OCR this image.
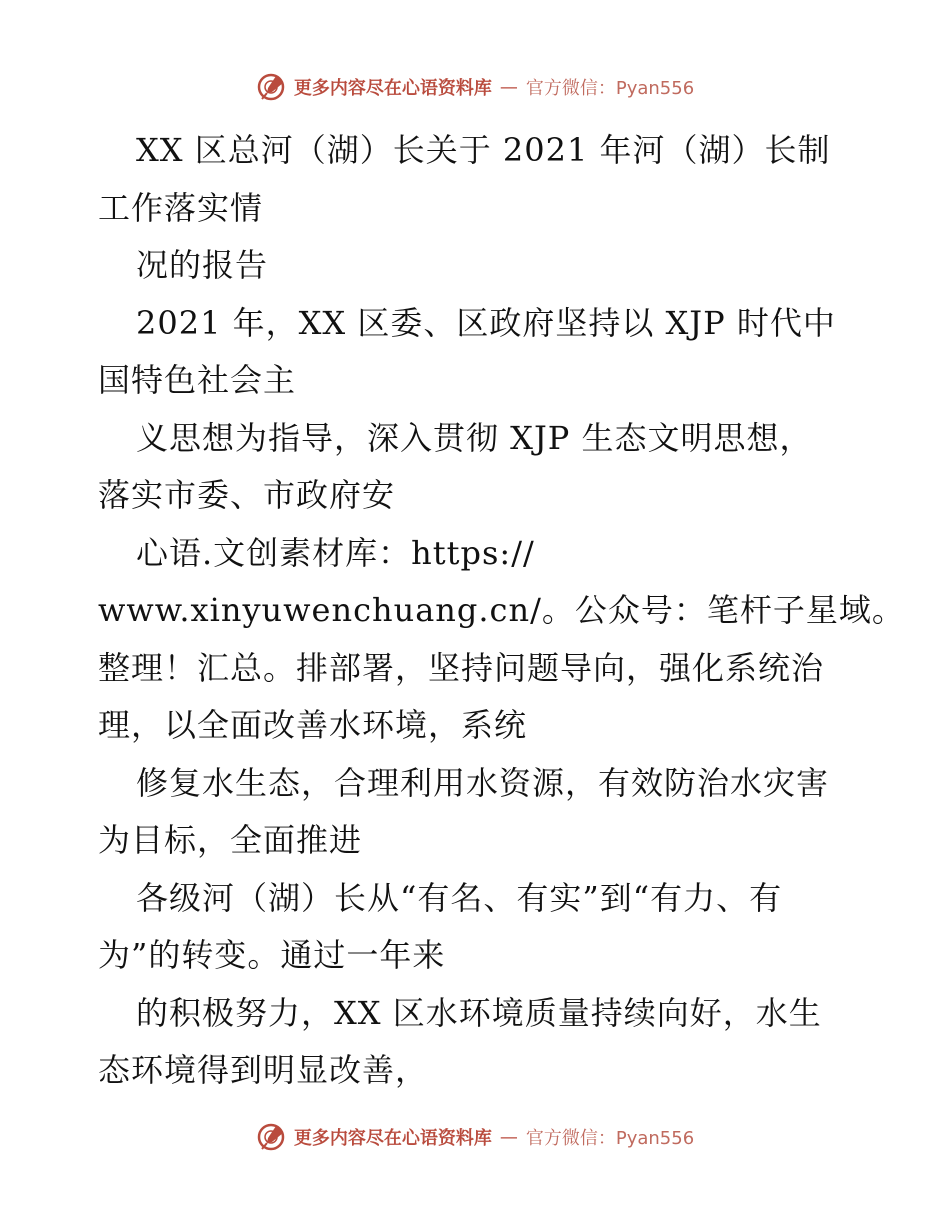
更多内容尽在心语资料库 — 官方微信：Pyan556
XX 区总河（湖）长关于 2021 年河（湖）长制
工作落实情
况的报告
2021 年，XX 区委、区政府坚持以 XJP 时代中
国特色社会主
义思想为指导，深入贯彻 XJP 生态文明思想，
落实市委、市政府安
心语.文创素材库：https://
www.xinyuwenchuang.cn/。公众号：笔杆子星域。
整理！汇总。排部署，坚持问题导向，强化系统治
理，以全面改善水环境，系统
修复水生态，合理利用水资源，有效防治水灾害
为目标，全面推进
各级河（湖）长从“有名、有实”到“有力、有
为”的转变。通过一年来
的积极努力，XX 区水环境质量持续向好，水生
态环境得到明显改善，
更多内容尽在心语资料库 — 官方微信：Pyan556
